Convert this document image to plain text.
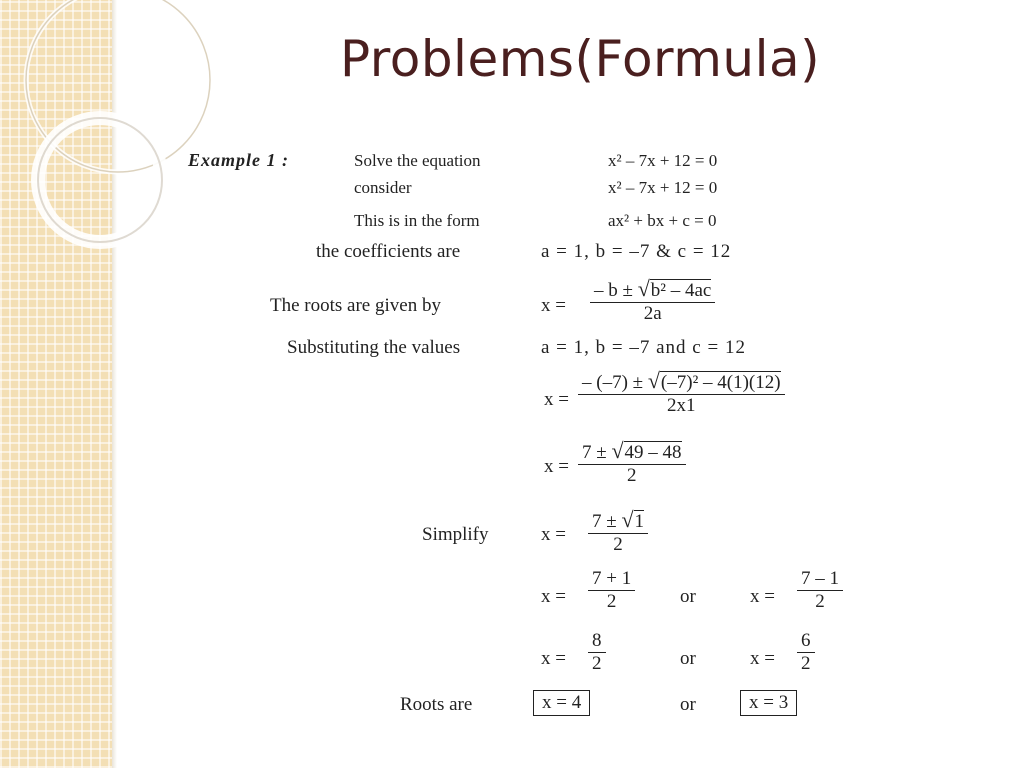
Problems(Formula)
Example 1 :	Solve the equation	x² – 7x + 12 = 0
consider	x² – 7x + 12 = 0
This is in the form	ax² + bx + c = 0
the coefficients are	a = 1, b = –7 & c = 12
The roots are given by	$x = \frac{\text{– b ± √b² – 4ac}}{2a}$
Substituting the values	a = 1, b = –7 and c = 12
$x = \frac{\text{– (–7) ± √(–7)² – 4(1)(12)}}{2x1}$
$x = \frac{7 \pm √49 - 48}{2}$
Simplify	$x = \frac{7 \pm √1}{2}$
$x = \frac{7 + 1}{2}$ or	$x = \frac{7 - 1}{2}$
$x = \frac{8}{2}$	or	$x = \frac{6}{2}$
Roots are	x = 4	or	x = 3
